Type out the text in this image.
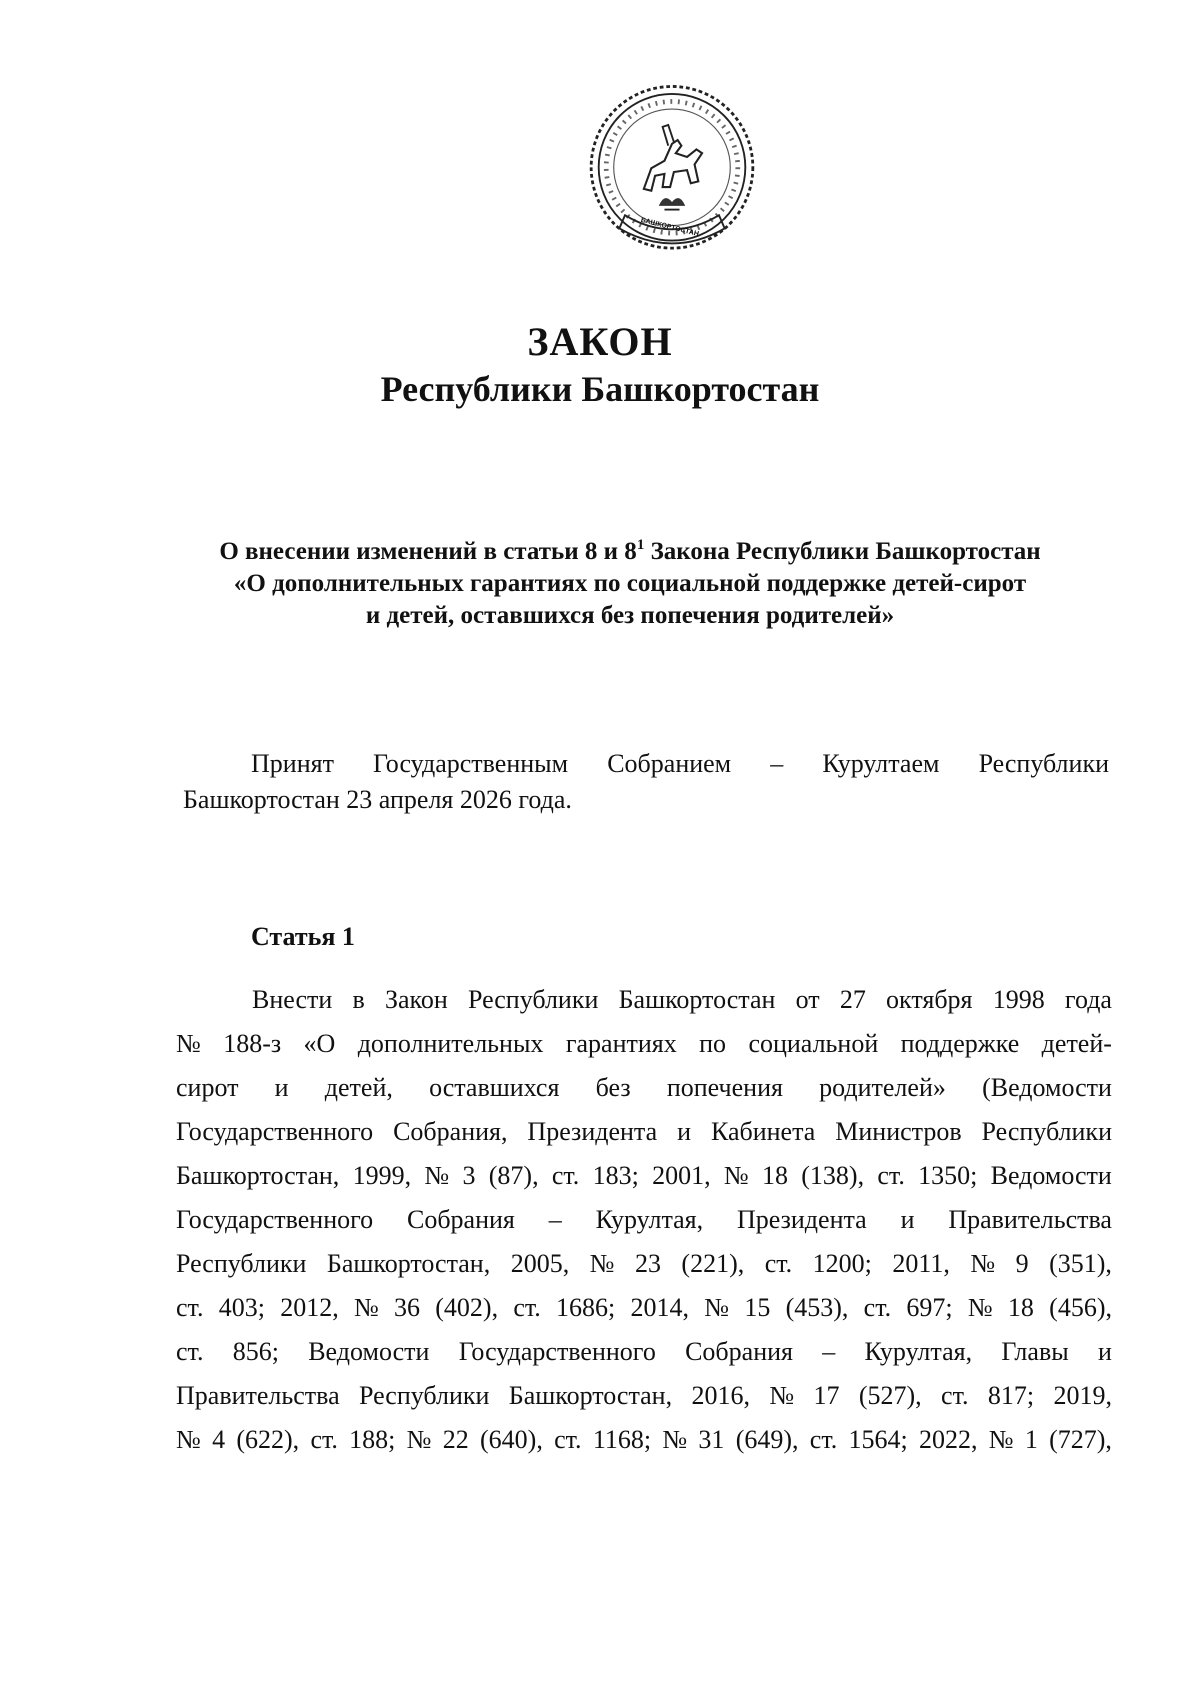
БАШКОРТОСТАН
ЗАКОН
Республики Башкортостан
О внесении изменений в статьи 8 и $8^1$ Закона Республики Башкортостан
«О дополнительных гарантиях по социальной поддержке детей-сирот
и детей, оставшихся без попечения родителей»
Принят Государственным Собранием – Курултаем Республики
Башкортостан 23 апреля 2026 года.
Статья 1
Внести в Закон Республики Башкортостан от 27 октября 1998 года
№ 188-з «О дополнительных гарантиях по социальной поддержке детей-
сирот и детей, оставшихся без попечения родителей» (Ведомости
Государственного Собрания, Президента и Кабинета Министров Республики
Башкортостан, 1999, № 3 (87), ст. 183; 2001, № 18 (138), ст. 1350; Ведомости
Государственного Собрания – Курултая, Президента и Правительства
Республики Башкортостан, 2005, № 23 (221), ст. 1200; 2011, № 9 (351),
ст. 403; 2012, № 36 (402), ст. 1686; 2014, № 15 (453), ст. 697; № 18 (456),
ст. 856; Ведомости Государственного Собрания – Курултая, Главы и
Правительства Республики Башкортостан, 2016, № 17 (527), ст. 817; 2019,
№ 4 (622), ст. 188; № 22 (640), ст. 1168; № 31 (649), ст. 1564; 2022, № 1 (727),
